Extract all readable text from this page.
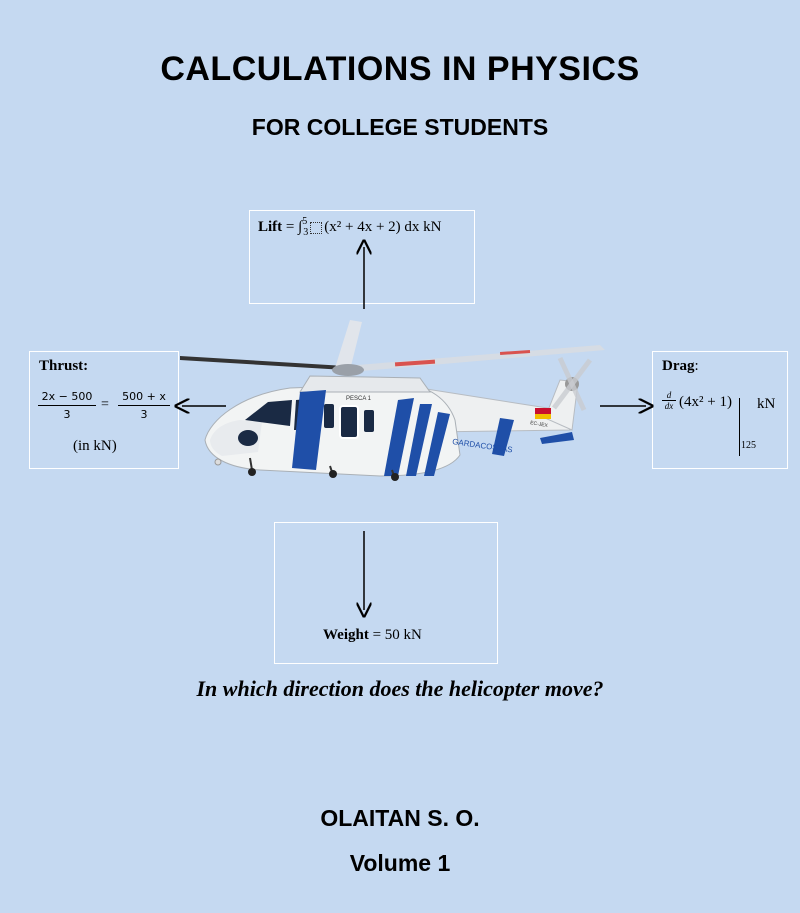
CALCULATIONS IN PHYSICS
FOR COLLEGE STUDENTS
Lift = ∫$^5_3$ (x² + 4x + 2) dx kN
Thrust:
$\frac{2x - 500}{3} = \frac{500 + x}{3}$
(in kN)
Drag:
d
dx (4x² + 1) kN
125
Weight = 50 kN
PESCA 1
GARDACOSTAS
EC-JEX
In which direction does the helicopter move?
OLAITAN S. O.
Volume 1
